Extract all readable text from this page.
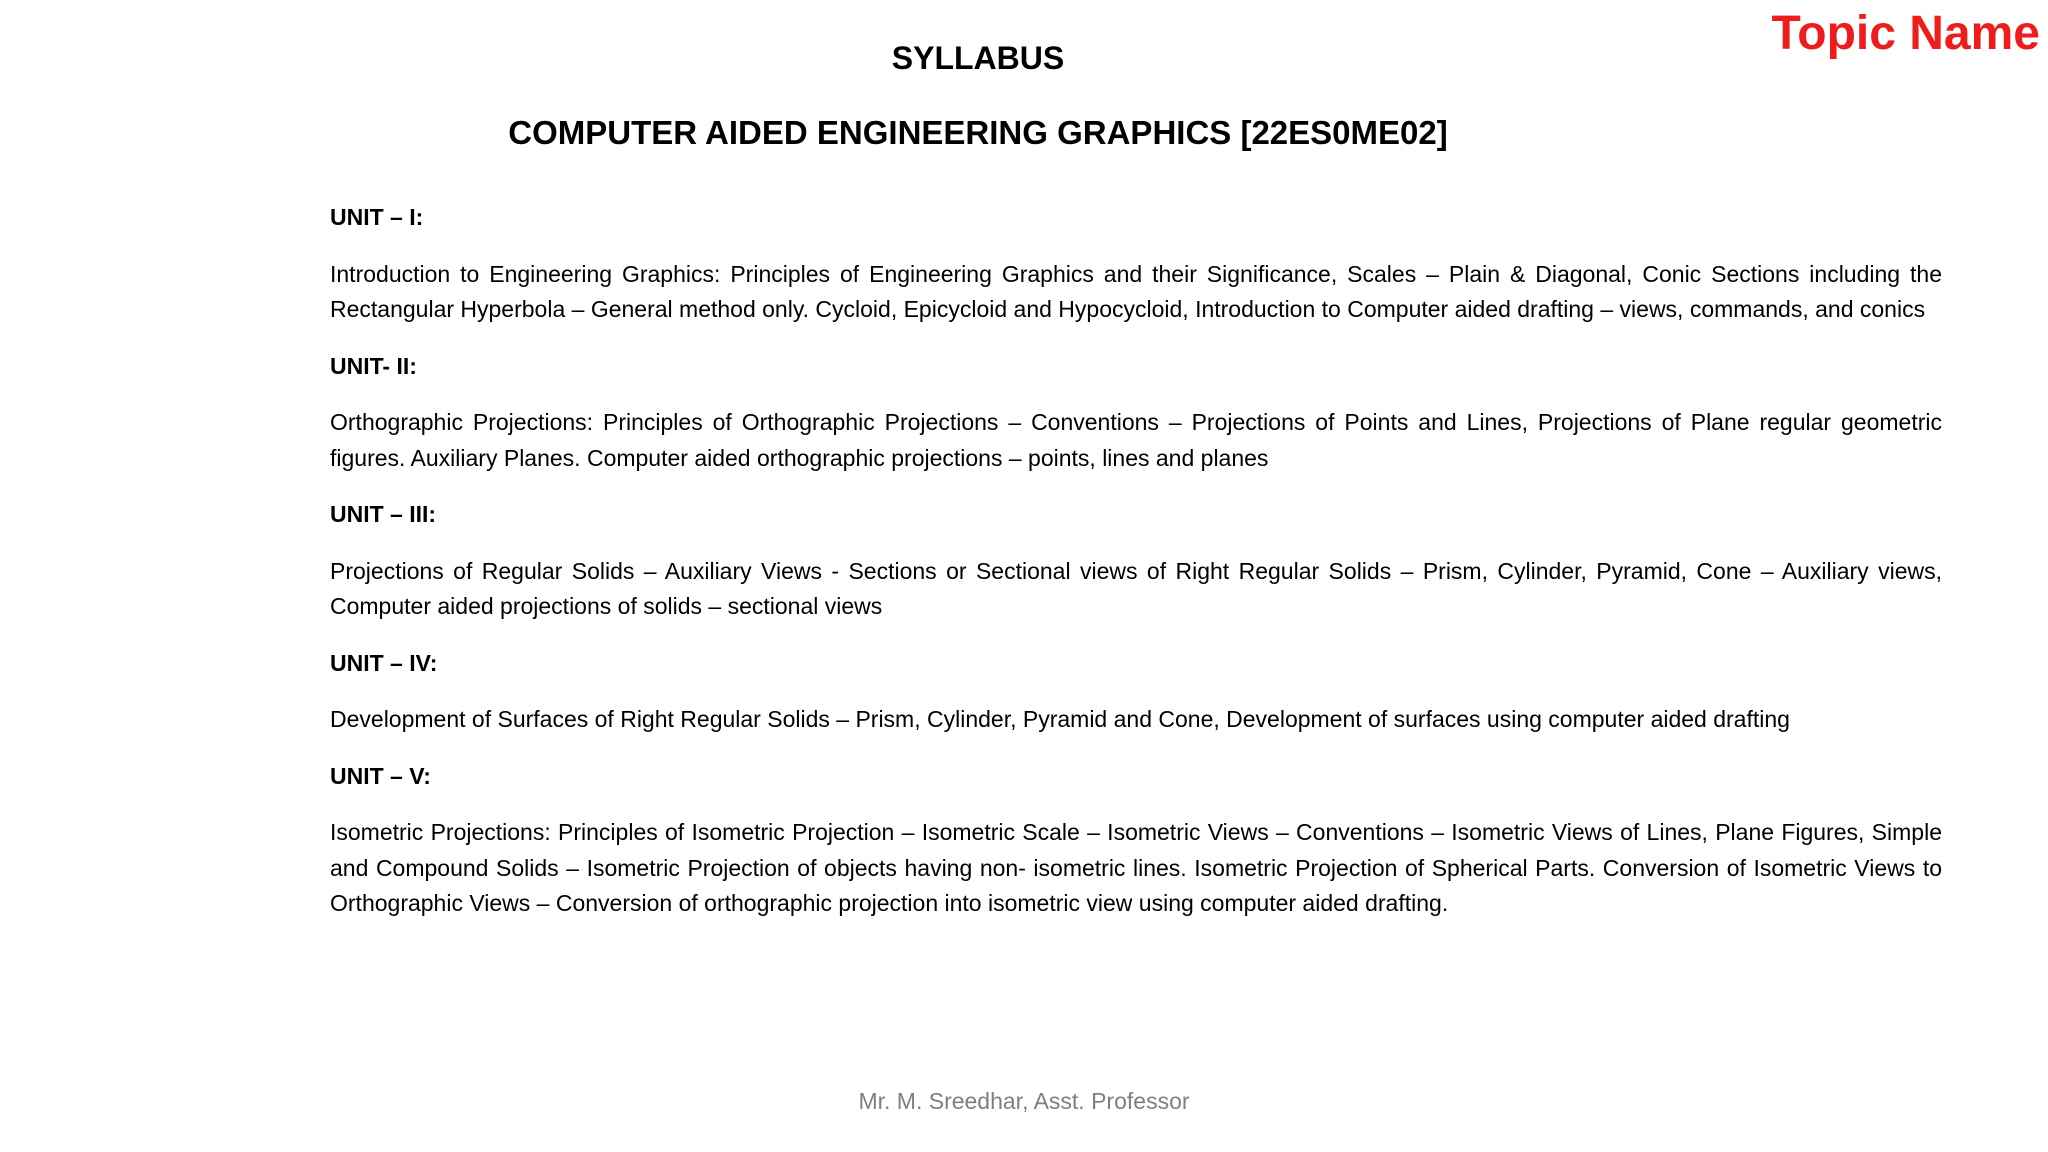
Topic Name
SYLLABUS
COMPUTER AIDED ENGINEERING GRAPHICS [22ES0ME02]

UNIT – I:

Introduction to Engineering Graphics: Principles of Engineering Graphics and their Significance, Scales – Plain & Diagonal, Conic Sections including the Rectangular Hyperbola – General method only. Cycloid, Epicycloid and Hypocycloid, Introduction to Computer aided drafting – views, commands, and conics

UNIT- II:

Orthographic Projections: Principles of Orthographic Projections – Conventions – Projections of Points and Lines, Projections of Plane regular geometric figures. Auxiliary Planes. Computer aided orthographic projections – points, lines and planes

UNIT – III:

Projections of Regular Solids – Auxiliary Views - Sections or Sectional views of Right Regular Solids – Prism, Cylinder, Pyramid, Cone – Auxiliary views, Computer aided projections of solids – sectional views

UNIT – IV:

Development of Surfaces of Right Regular Solids – Prism, Cylinder, Pyramid and Cone, Development of surfaces using computer aided drafting

UNIT – V:

Isometric Projections: Principles of Isometric Projection – Isometric Scale – Isometric Views – Conventions – Isometric Views of Lines, Plane Figures, Simple and Compound Solids – Isometric Projection of objects having non- isometric lines. Isometric Projection of Spherical Parts. Conversion of Isometric Views to Orthographic Views – Conversion of orthographic projection into isometric view using computer aided drafting.

Mr. M. Sreedhar, Asst. Professor
